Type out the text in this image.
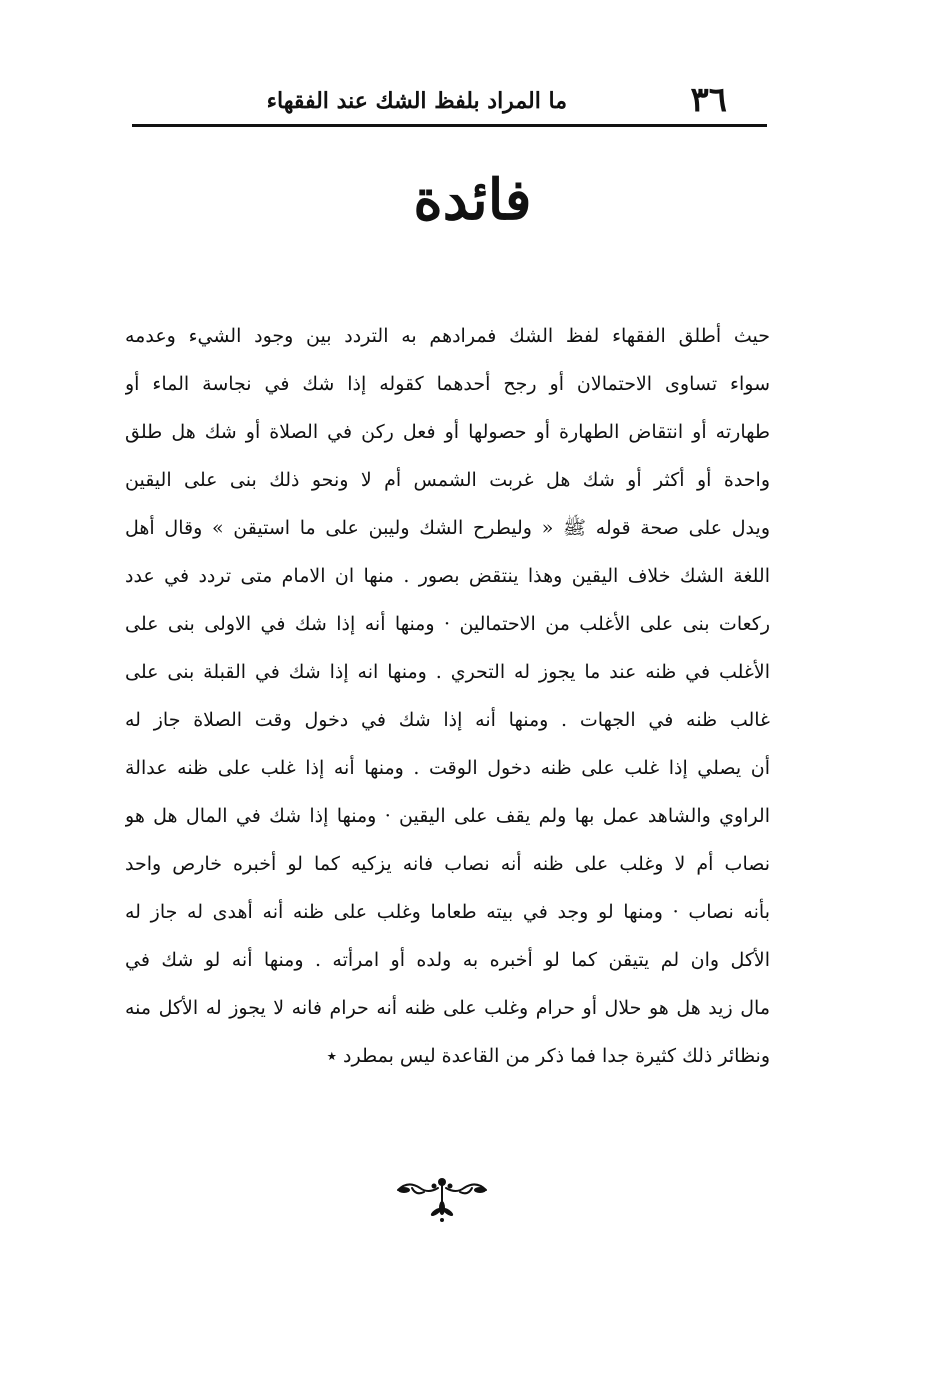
٣٦
ما المراد بلفظ الشك عند الفقهاء
فائدة
حيث أطلق الفقهاء لفظ الشك فمرادهم به التردد بين وجود الشيء وعدمه
سواء تساوى الاحتمالان أو رجح أحدهما كقوله إذا شك في نجاسة الماء أو
طهارته أو انتقاض الطهارة أو حصولها أو فعل ركن في الصلاة أو شك هل طلق
واحدة أو أكثر أو شك هل غربت الشمس أم لا ونحو ذلك بنى على اليقين
ويدل على صحة قوله ﷺ « وليطرح الشك وليبن على ما استيقن » وقال أهل
اللغة الشك خلاف اليقين وهذا ينتقض بصور . منها ان الامام متى تردد في عدد
ركعات بنى على الأغلب من الاحتمالين · ومنها أنه إذا شك في الاولى بنى على
الأغلب في ظنه عند ما يجوز له التحري . ومنها انه إذا شك في القبلة بنى على
غالب ظنه في الجهات . ومنها أنه إذا شك في دخول وقت الصلاة جاز له
أن يصلي إذا غلب على ظنه دخول الوقت . ومنها أنه إذا غلب على ظنه عدالة
الراوي والشاهد عمل بها ولم يقف على اليقين · ومنها إذا شك في المال هل هو
نصاب أم لا وغلب على ظنه أنه نصاب فانه يزكيه كما لو أخبره خارص واحد
بأنه نصاب · ومنها لو وجد في بيته طعاما وغلب على ظنه أنه أهدى له جاز له
الأكل وان لم يتيقن كما لو أخبره به ولده أو امرأته . ومنها أنه لو شك في
مال زيد هل هو حلال أو حرام وغلب على ظنه أنه حرام فانه لا يجوز له الأكل منه
ونظائر ذلك كثيرة جدا فما ذكر من القاعدة ليس بمطرد ٭
